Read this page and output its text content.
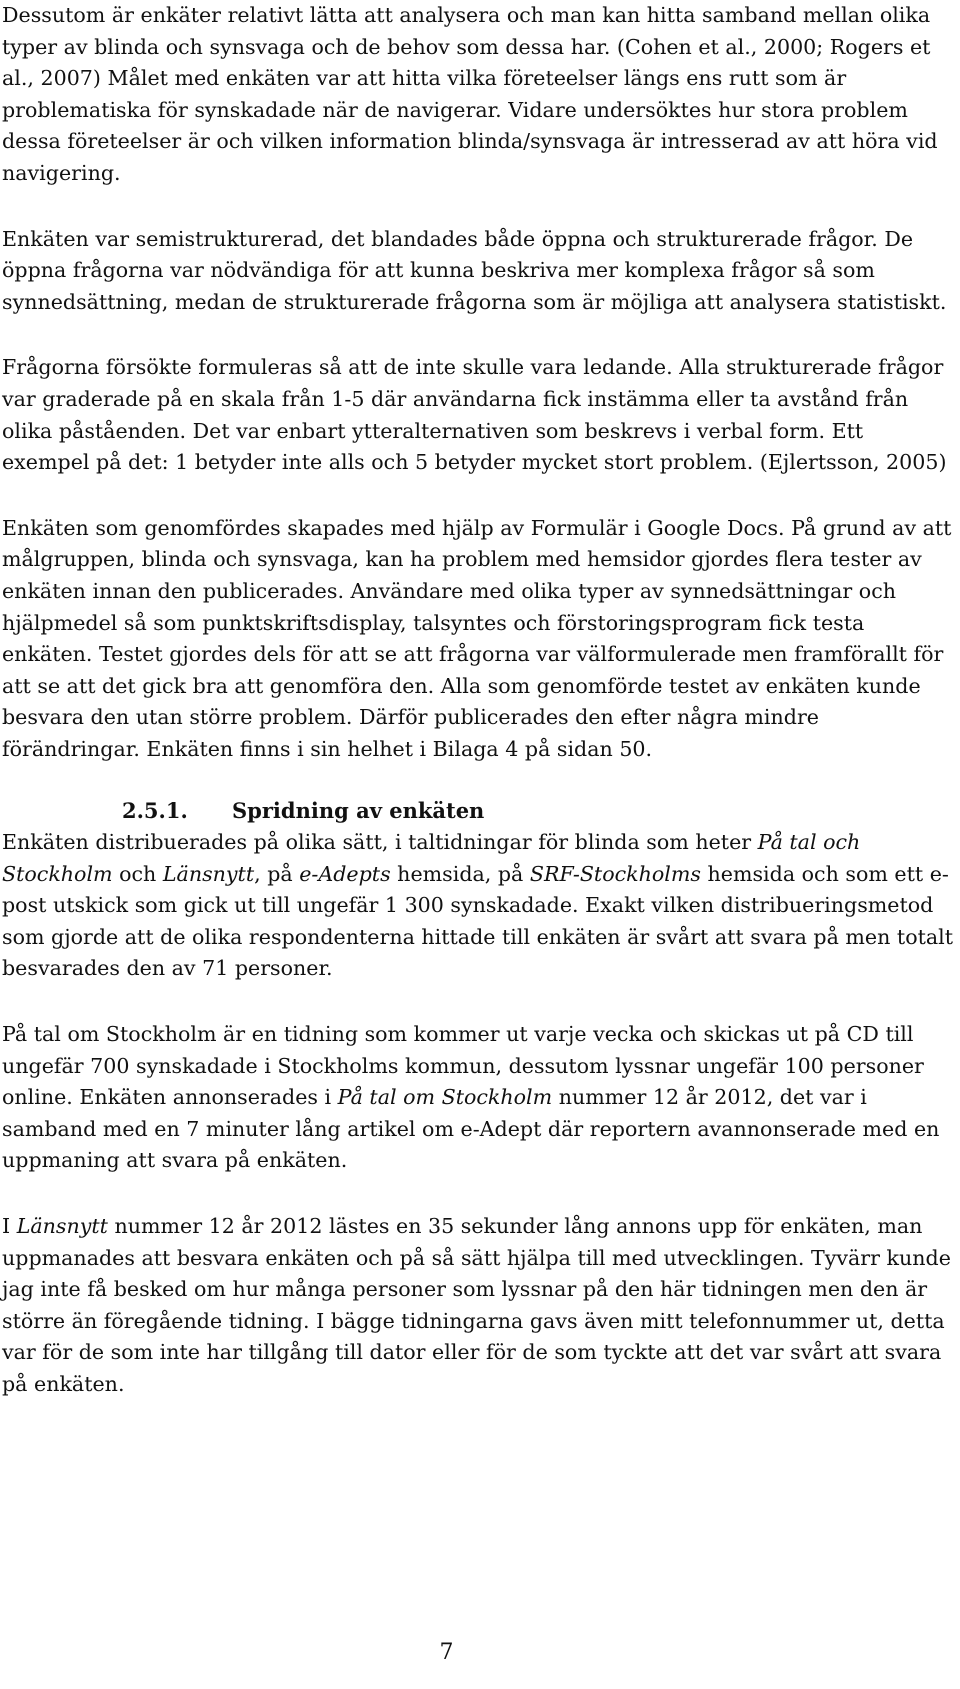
Dessutom är enkäter relativt lätta att analysera och man kan hitta samband mellan olika typer av blinda och synsvaga och de behov som dessa har. (Cohen et al., 2000; Rogers et al., 2007) Målet med enkäten var att hitta vilka företeelser längs ens rutt som är problematiska för synskadade när de navigerar. Vidare undersöktes hur stora problem dessa företeelser är och vilken information blinda/synsvaga är intresserad av att höra vid navigering.

Enkäten var semistrukturerad, det blandades både öppna och strukturerade frågor. De öppna frågorna var nödvändiga för att kunna beskriva mer komplexa frågor så som synnedsättning, medan de strukturerade frågorna som är möjliga att analysera statistiskt.

Frågorna försökte formuleras så att de inte skulle vara ledande. Alla strukturerade frågor var graderade på en skala från 1-5 där användarna fick instämma eller ta avstånd från olika påståenden. Det var enbart ytteralternativen som beskrevs i verbal form. Ett exempel på det: 1 betyder inte alls och 5 betyder mycket stort problem. (Ejlertsson, 2005)

Enkäten som genomfördes skapades med hjälp av Formulär i Google Docs. På grund av att målgruppen, blinda och synsvaga, kan ha problem med hemsidor gjordes flera tester av enkäten innan den publicerades. Användare med olika typer av synnedsättningar och hjälpmedel så som punktskriftsdisplay, talsyntes och förstoringsprogram fick testa enkäten. Testet gjordes dels för att se att frågorna var välformulerade men framförallt för att se att det gick bra att genomföra den. Alla som genomförde testet av enkäten kunde besvara den utan större problem. Därför publicerades den efter några mindre förändringar. Enkäten finns i sin helhet i Bilaga 4 på sidan 50.

2.5.1. Spridning av enkäten

Enkäten distribuerades på olika sätt, i taltidningar för blinda som heter På tal och Stockholm och Länsnytt, på e-Adepts hemsida, på SRF-Stockholms hemsida och som ett e-post utskick som gick ut till ungefär 1 300 synskadade. Exakt vilken distribueringsmetod som gjorde att de olika respondenterna hittade till enkäten är svårt att svara på men totalt besvarades den av 71 personer.

På tal om Stockholm är en tidning som kommer ut varje vecka och skickas ut på CD till ungefär 700 synskadade i Stockholms kommun, dessutom lyssnar ungefär 100 personer online. Enkäten annonserades i På tal om Stockholm nummer 12 år 2012, det var i samband med en 7 minuter lång artikel om e-Adept där reportern avannonserade med en uppmaning att svara på enkäten.

I Länsnytt nummer 12 år 2012 lästes en 35 sekunder lång annons upp för enkäten, man uppmanades att besvara enkäten och på så sätt hjälpa till med utvecklingen. Tyvärr kunde jag inte få besked om hur många personer som lyssnar på den här tidningen men den är större än föregående tidning. I bägge tidningarna gavs även mitt telefonnummer ut, detta var för de som inte har tillgång till dator eller för de som tyckte att det var svårt att svara på enkäten.

7
